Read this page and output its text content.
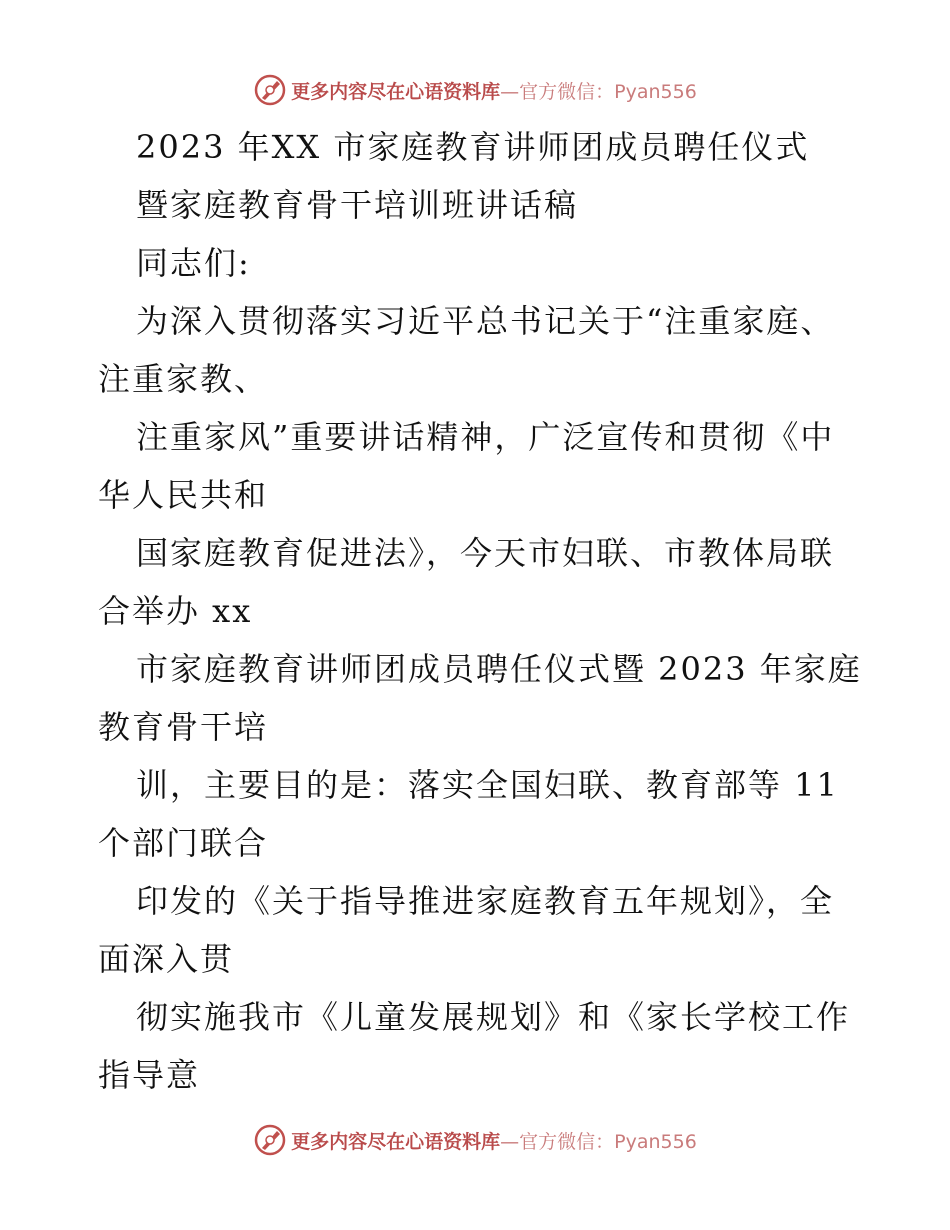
更多内容尽在心语资料库—官方微信：Pyan556
2023 年XX 市家庭教育讲师团成员聘任仪式
暨家庭教育骨干培训班讲话稿
同志们:
为深入贯彻落实习近平总书记关于“注重家庭、
注重家教、
注重家风”重要讲话精神，广泛宣传和贯彻《中
华人民共和
国家庭教育促进法》，今天市妇联、市教体局联
合举办 xx
市家庭教育讲师团成员聘任仪式暨 2023 年家庭
教育骨干培
训，主要目的是：落实全国妇联、教育部等 11
个部门联合
印发的《关于指导推进家庭教育五年规划》，全
面深入贯
彻实施我市《儿童发展规划》和《家长学校工作
指导意
更多内容尽在心语资料库—官方微信：Pyan556
